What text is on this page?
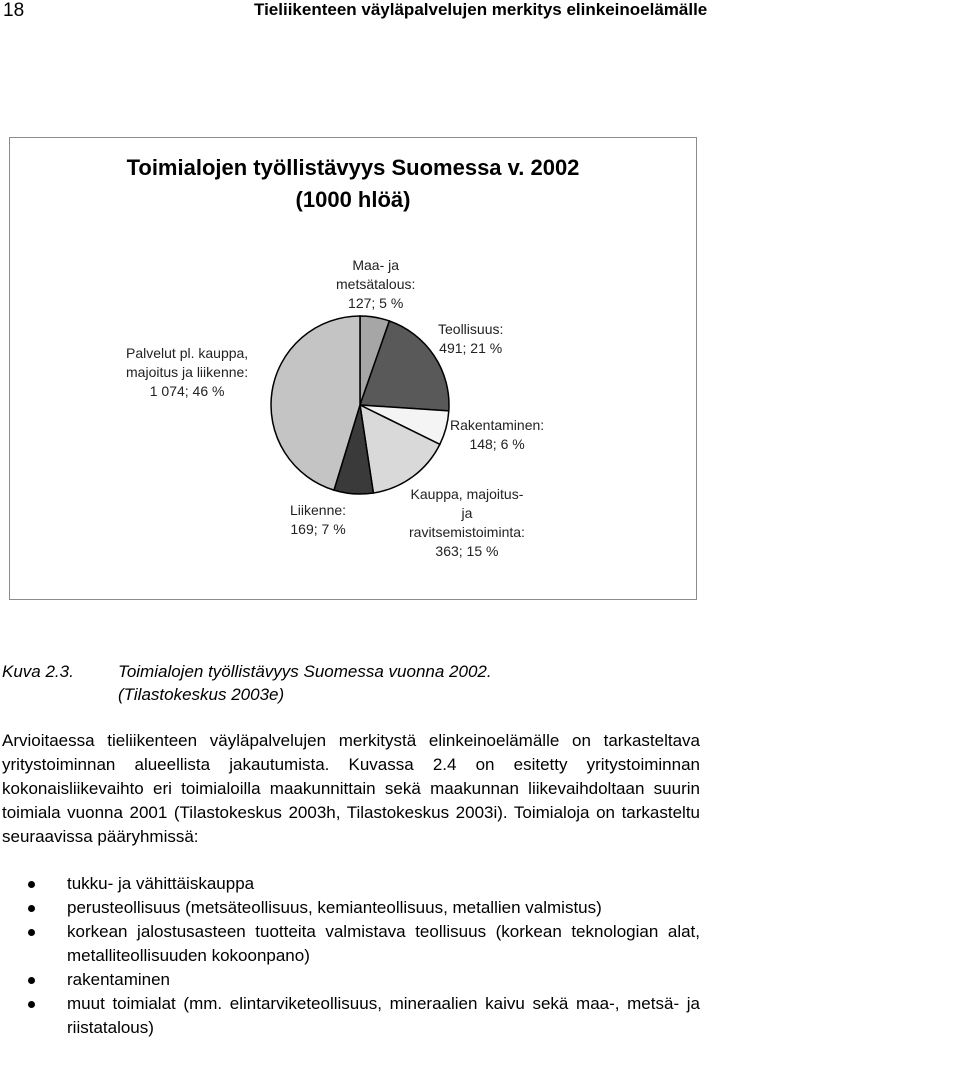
18	Tieliikenteen väyläpalvelujen merkitys elinkeinoelämälle
Toimialojen työllistävyys Suomessa v. 2002
(1000 hlöä)
Maa- ja
metsätalous:
127; 5 %
Teollisuus:
491; 21 %
Rakentaminen:
148; 6 %
Kauppa, majoitus-
ja
ravitsemistoiminta:
363; 15 %
Liikenne:
169; 7 %
Palvelut pl. kauppa,
majoitus ja liikenne:
1 074; 46 %
Kuva 2.3.	Toimialojen työllistävyys Suomessa vuonna 2002.
(Tilastokeskus 2003e)

Arvioitaessa tieliikenteen väyläpalvelujen merkitystä elinkeinoelämälle on tarkasteltava yritystoiminnan alueellista jakautumista. Kuvassa 2.4 on esitetty yritystoiminnan kokonaisliikevaihto eri toimialoilla maakunnittain sekä maakunnan liikevaihdoltaan suurin toimiala vuonna 2001 (Tilastokeskus 2003h, Tilastokeskus 2003i). Toimialoja on tarkasteltu seuraavissa pääryhmissä:

tukku- ja vähittäiskauppa
perusteollisuus (metsäteollisuus, kemianteollisuus, metallien valmistus)
korkean jalostusasteen tuotteita valmistava teollisuus (korkean teknologian alat, metalliteollisuuden kokoonpano)
rakentaminen
muut toimialat (mm. elintarviketeollisuus, mineraalien kaivu sekä maa-, metsä- ja riistatalous)
